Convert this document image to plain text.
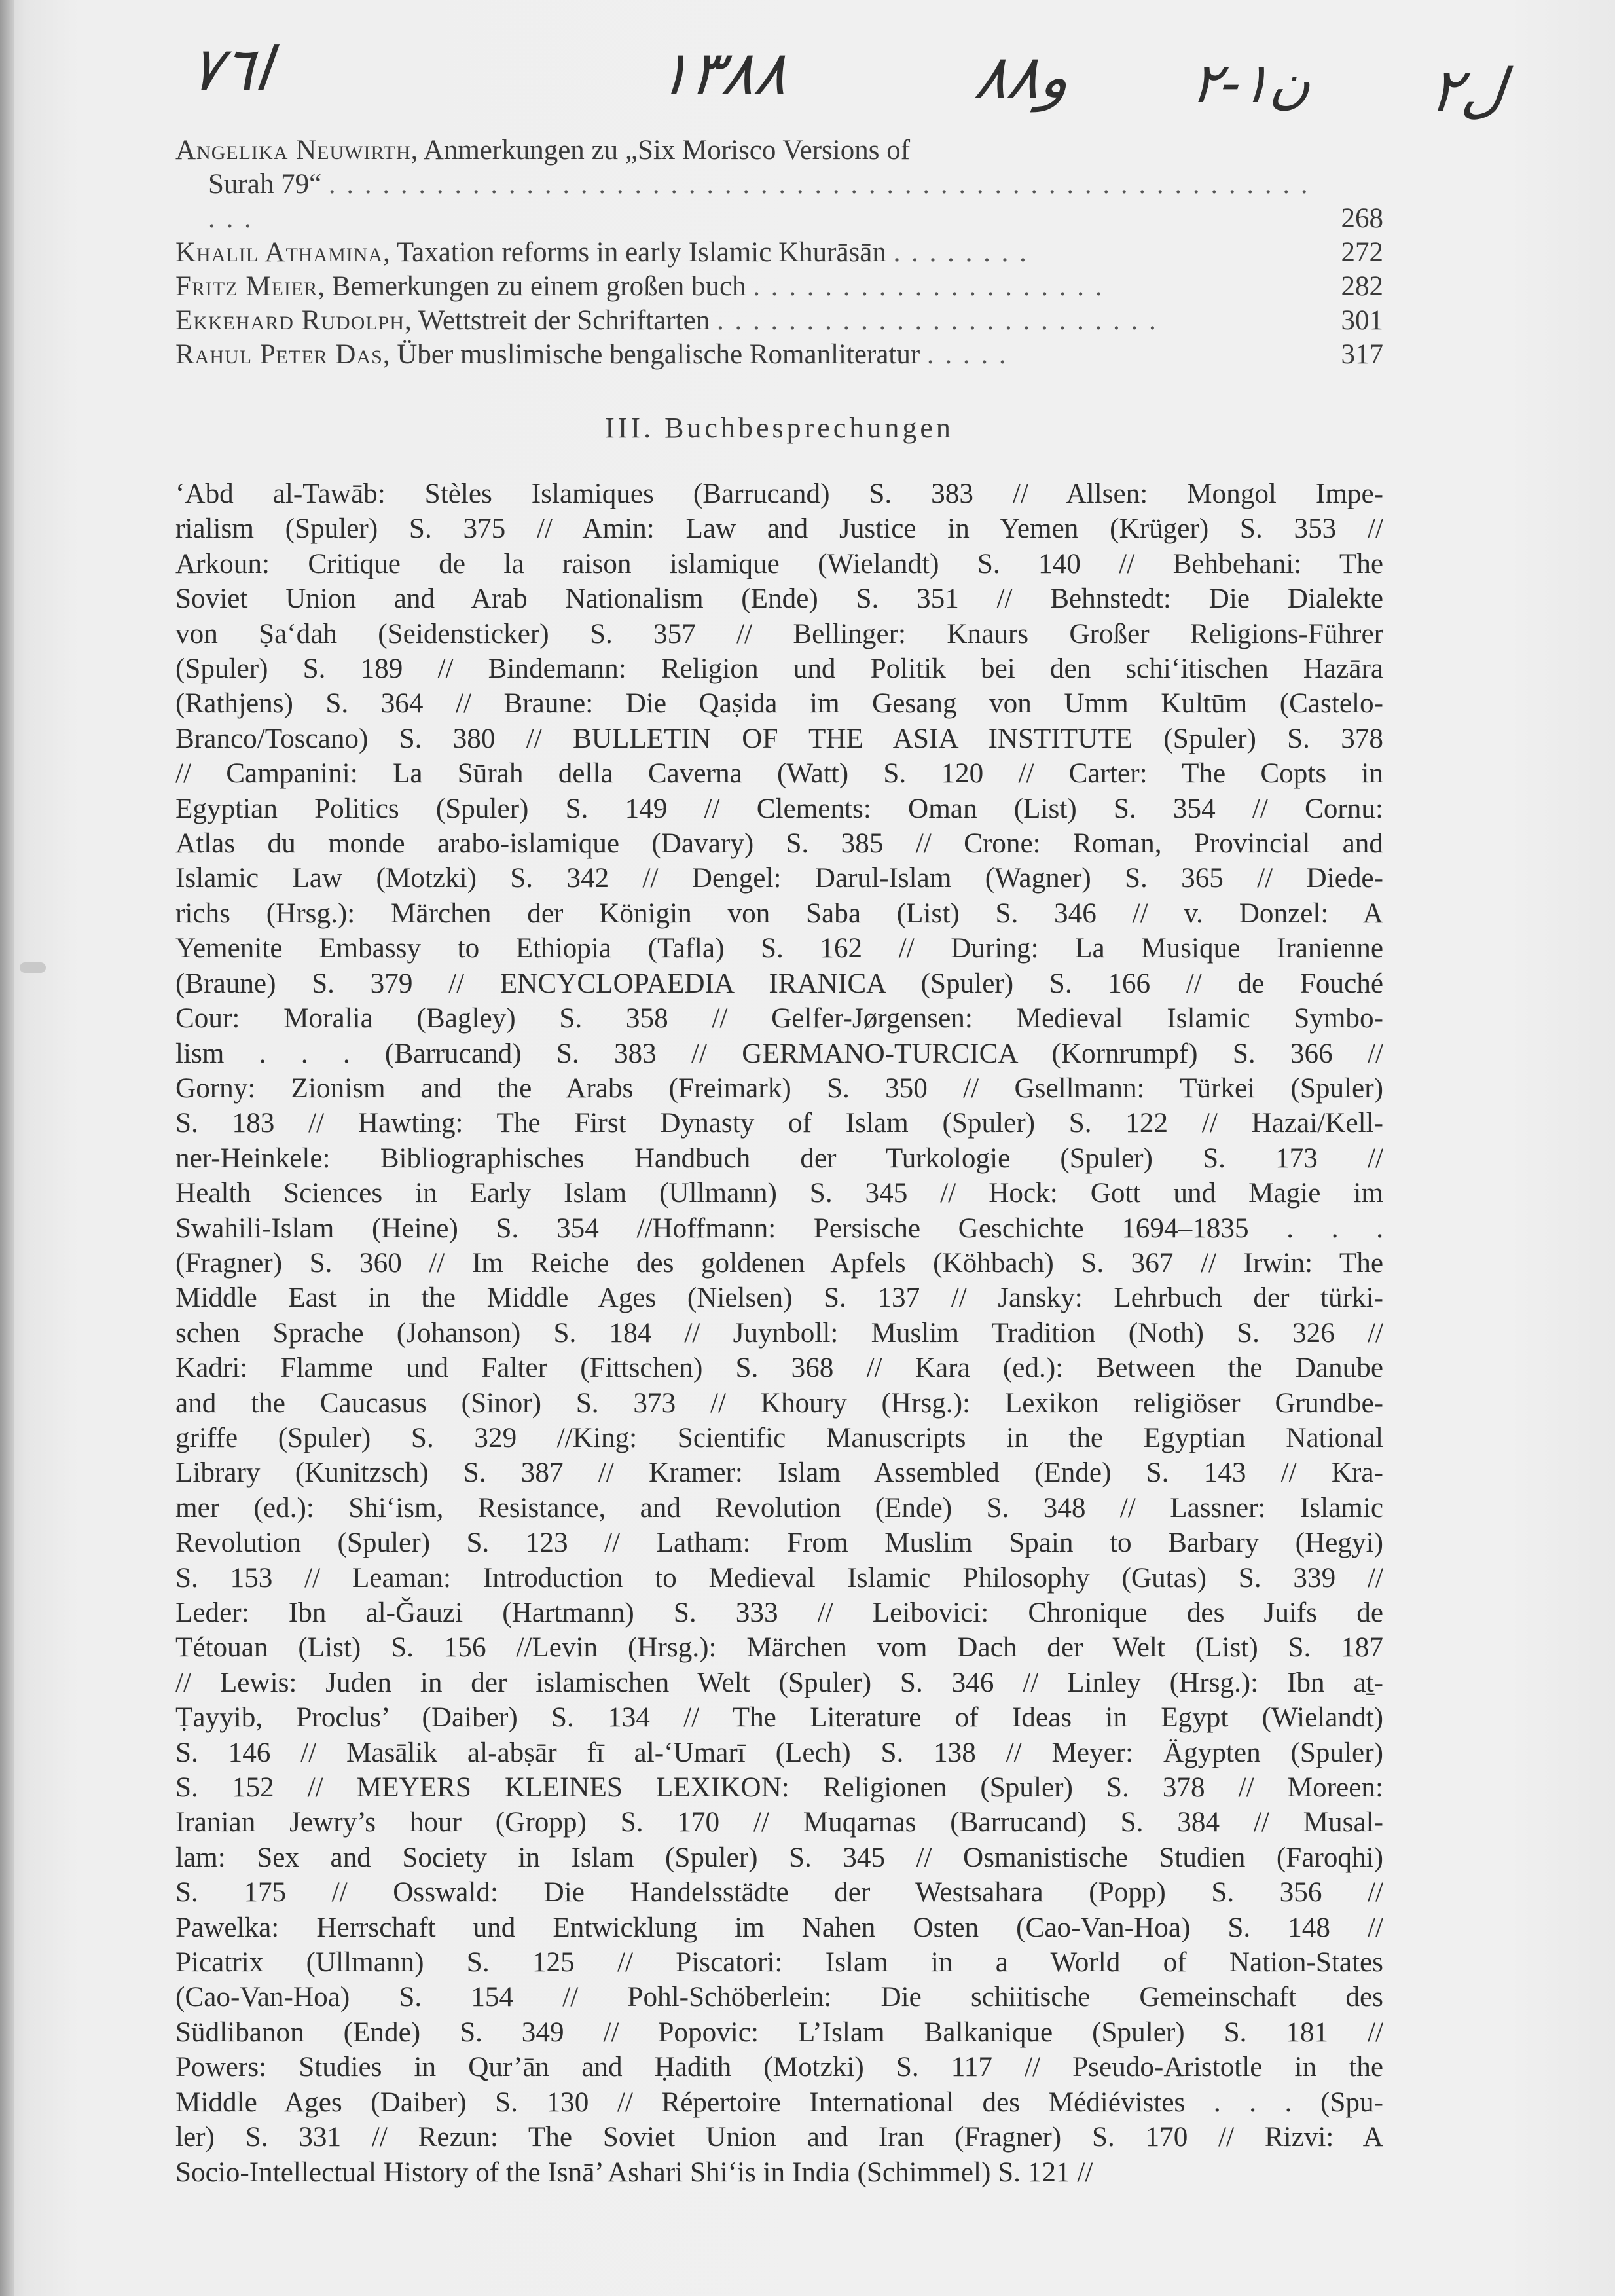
ا٧٦	١٣٨٨	و٨٨ ن١-٢ ل٢
Angelika Neuwirth, Anmerkungen zu „Six Morisco Versions of
Surah 79“ . . . . . . . . . . . . . . . . . . . . . . . . . . . . . . . . . . . . . . . . . . . . . . . . . . . . . . . . . .	268
Khalil Athamina, Taxation reforms in early Islamic Khurāsān . . . . . . . .	272
Fritz Meier, Bemerkungen zu einem großen buch . . . . . . . . . . . . . . . . . . . .	282
Ekkehard Rudolph, Wettstreit der Schriftarten . . . . . . . . . . . . . . . . . . . . . . . . .	301
Rahul Peter Das, Über muslimische bengalische Romanliteratur . . . . .	317
III. Buchbesprechungen
‘Abd al-Tawāb: Stèles Islamiques (Barrucand) S. 383 // Allsen: Mongol Impe-
rialism (Spuler) S. 375 // Amin: Law and Justice in Yemen (Krüger) S. 353 //
Arkoun: Critique de la raison islamique (Wielandt) S. 140 // Behbehani: The
Soviet Union and Arab Nationalism (Ende) S. 351 // Behnstedt: Die Dialekte
von Ṣa‘dah (Seidensticker) S. 357 // Bellinger: Knaurs Großer Religions-Führer
(Spuler) S. 189 // Bindemann: Religion und Politik bei den schi‘itischen Hazāra
(Rathjens) S. 364 // Braune: Die Qaṣida im Gesang von Umm Kultūm (Castelo-
Branco/Toscano) S. 380 // BULLETIN OF THE ASIA INSTITUTE (Spuler) S. 378
// Campanini: La Sūrah della Caverna (Watt) S. 120 // Carter: The Copts in
Egyptian Politics (Spuler) S. 149 // Clements: Oman (List) S. 354 // Cornu:
Atlas du monde arabo-islamique (Davary) S. 385 // Crone: Roman, Provincial and
Islamic Law (Motzki) S. 342 // Dengel: Darul-Islam (Wagner) S. 365 // Diede-
richs (Hrsg.): Märchen der Königin von Saba (List) S. 346 // v. Donzel: A
Yemenite Embassy to Ethiopia (Tafla) S. 162 // During: La Musique Iranienne
(Braune) S. 379 // ENCYCLOPAEDIA IRANICA (Spuler) S. 166 // de Fouché
Cour: Moralia (Bagley) S. 358 // Gelfer-Jørgensen: Medieval Islamic Symbo-
lism . . . (Barrucand) S. 383 // GERMANO-TURCICA (Kornrumpf) S. 366 //
Gorny: Zionism and the Arabs (Freimark) S. 350 // Gsellmann: Türkei (Spuler)
S. 183 // Hawting: The First Dynasty of Islam (Spuler) S. 122 // Hazai/Kell-
ner-Heinkele: Bibliographisches Handbuch der Turkologie (Spuler) S. 173 //
Health Sciences in Early Islam (Ullmann) S. 345 // Hock: Gott und Magie im
Swahili-Islam (Heine) S. 354 //Hoffmann: Persische Geschichte 1694–1835 . . .
(Fragner) S. 360 // Im Reiche des goldenen Apfels (Köhbach) S. 367 // Irwin: The
Middle East in the Middle Ages (Nielsen) S. 137 // Jansky: Lehrbuch der türki-
schen Sprache (Johanson) S. 184 // Juynboll: Muslim Tradition (Noth) S. 326 //
Kadri: Flamme und Falter (Fittschen) S. 368 // Kara (ed.): Between the Danube
and the Caucasus (Sinor) S. 373 // Khoury (Hrsg.): Lexikon religiöser Grundbe-
griffe (Spuler) S. 329 //King: Scientific Manuscripts in the Egyptian National
Library (Kunitzsch) S. 387 // Kramer: Islam Assembled (Ende) S. 143 // Kra-
mer (ed.): Shi‘ism, Resistance, and Revolution (Ende) S. 348 // Lassner: Islamic
Revolution (Spuler) S. 123 // Latham: From Muslim Spain to Barbary (Hegyi)
S. 153 // Leaman: Introduction to Medieval Islamic Philosophy (Gutas) S. 339 //
Leder: Ibn al-Ǧauzi (Hartmann) S. 333 // Leibovici: Chronique des Juifs de
Tétouan (List) S. 156 //Levin (Hrsg.): Märchen vom Dach der Welt (List) S. 187
// Lewis: Juden in der islamischen Welt (Spuler) S. 346 // Linley (Hrsg.): Ibn aṯ-
Ṭayyib, Proclus’ (Daiber) S. 134 // The Literature of Ideas in Egypt (Wielandt)
S. 146 // Masālik al-abṣār fī al-‘Umarī (Lech) S. 138 // Meyer: Ägypten (Spuler)
S. 152 // MEYERS KLEINES LEXIKON: Religionen (Spuler) S. 378 // Moreen:
Iranian Jewry’s hour (Gropp) S. 170 // Muqarnas (Barrucand) S. 384 // Musal-
lam: Sex and Society in Islam (Spuler) S. 345 // Osmanistische Studien (Faroqhi)
S. 175 // Osswald: Die Handelsstädte der Westsahara (Popp) S. 356 //
Pawelka: Herrschaft und Entwicklung im Nahen Osten (Cao-Van-Hoa) S. 148 //
Picatrix (Ullmann) S. 125 // Piscatori: Islam in a World of Nation-States
(Cao-Van-Hoa) S. 154 // Pohl-Schöberlein: Die schiitische Gemeinschaft des
Südlibanon (Ende) S. 349 // Popovic: L’Islam Balkanique (Spuler) S. 181 //
Powers: Studies in Qur’ān and Ḥadith (Motzki) S. 117 // Pseudo-Aristotle in the
Middle Ages (Daiber) S. 130 // Répertoire International des Médiévistes . . . (Spu-
ler) S. 331 // Rezun: The Soviet Union and Iran (Fragner) S. 170 // Rizvi: A
Socio-Intellectual History of the Isnā’ Ashari Shi‘is in India (Schimmel) S. 121 //
